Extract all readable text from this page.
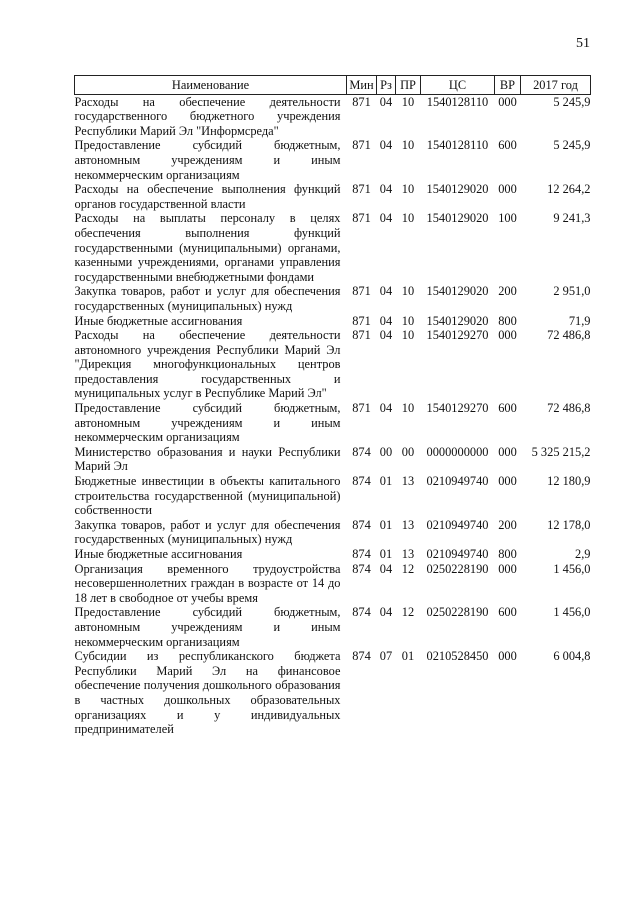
51
Наименование	Мин	Рз	ПР	ЦС	ВР	2017 год
Расходы на обеспечение деятельности государственного бюджетного учреждения Республики Марий Эл "Информсреда"	871	04	10	1540128110	000	5 245,9
Предоставление субсидий бюджетным, автономным учреждениям и иным некоммерческим организациям	871	04	10	1540128110	600	5 245,9
Расходы на обеспечение выполнения функций органов государственной власти	871	04	10	1540129020	000	12 264,2
Расходы на выплаты персоналу в целях обеспечения выполнения функций государственными (муниципальными) органами, казенными учреждениями, органами управления государственными внебюджетными фондами	871	04	10	1540129020	100	9 241,3
Закупка товаров, работ и услуг для обеспечения государственных (муниципальных) нужд	871	04	10	1540129020	200	2 951,0
Иные бюджетные ассигнования	871	04	10	1540129020	800	71,9
Расходы на обеспечение деятельности автономного учреждения Республики Марий Эл "Дирекция многофункциональных центров предоставления государственных и муниципальных услуг в Республике Марий Эл"	871	04	10	1540129270	000	72 486,8
Предоставление субсидий бюджетным, автономным учреждениям и иным некоммерческим организациям	871	04	10	1540129270	600	72 486,8
Министерство образования и науки Республики Марий Эл	874	00	00	0000000000	000	5 325 215,2
Бюджетные инвестиции в объекты капитального строительства государственной (муниципальной) собственности	874	01	13	0210949740	000	12 180,9
Закупка товаров, работ и услуг для обеспечения государственных (муниципальных) нужд	874	01	13	0210949740	200	12 178,0
Иные бюджетные ассигнования	874	01	13	0210949740	800	2,9
Организация временного трудоустройства несовершеннолетних граждан в возрасте от 14 до 18 лет в свободное от учебы время	874	04	12	0250228190	000	1 456,0
Предоставление субсидий бюджетным, автономным учреждениям и иным некоммерческим организациям	874	04	12	0250228190	600	1 456,0
Субсидии из республиканского бюджета Республики Марий Эл на финансовое обеспечение получения дошкольного образования в частных дошкольных образовательных организациях и у индивидуальных предпринимателей	874	07	01	0210528450	000	6 004,8
